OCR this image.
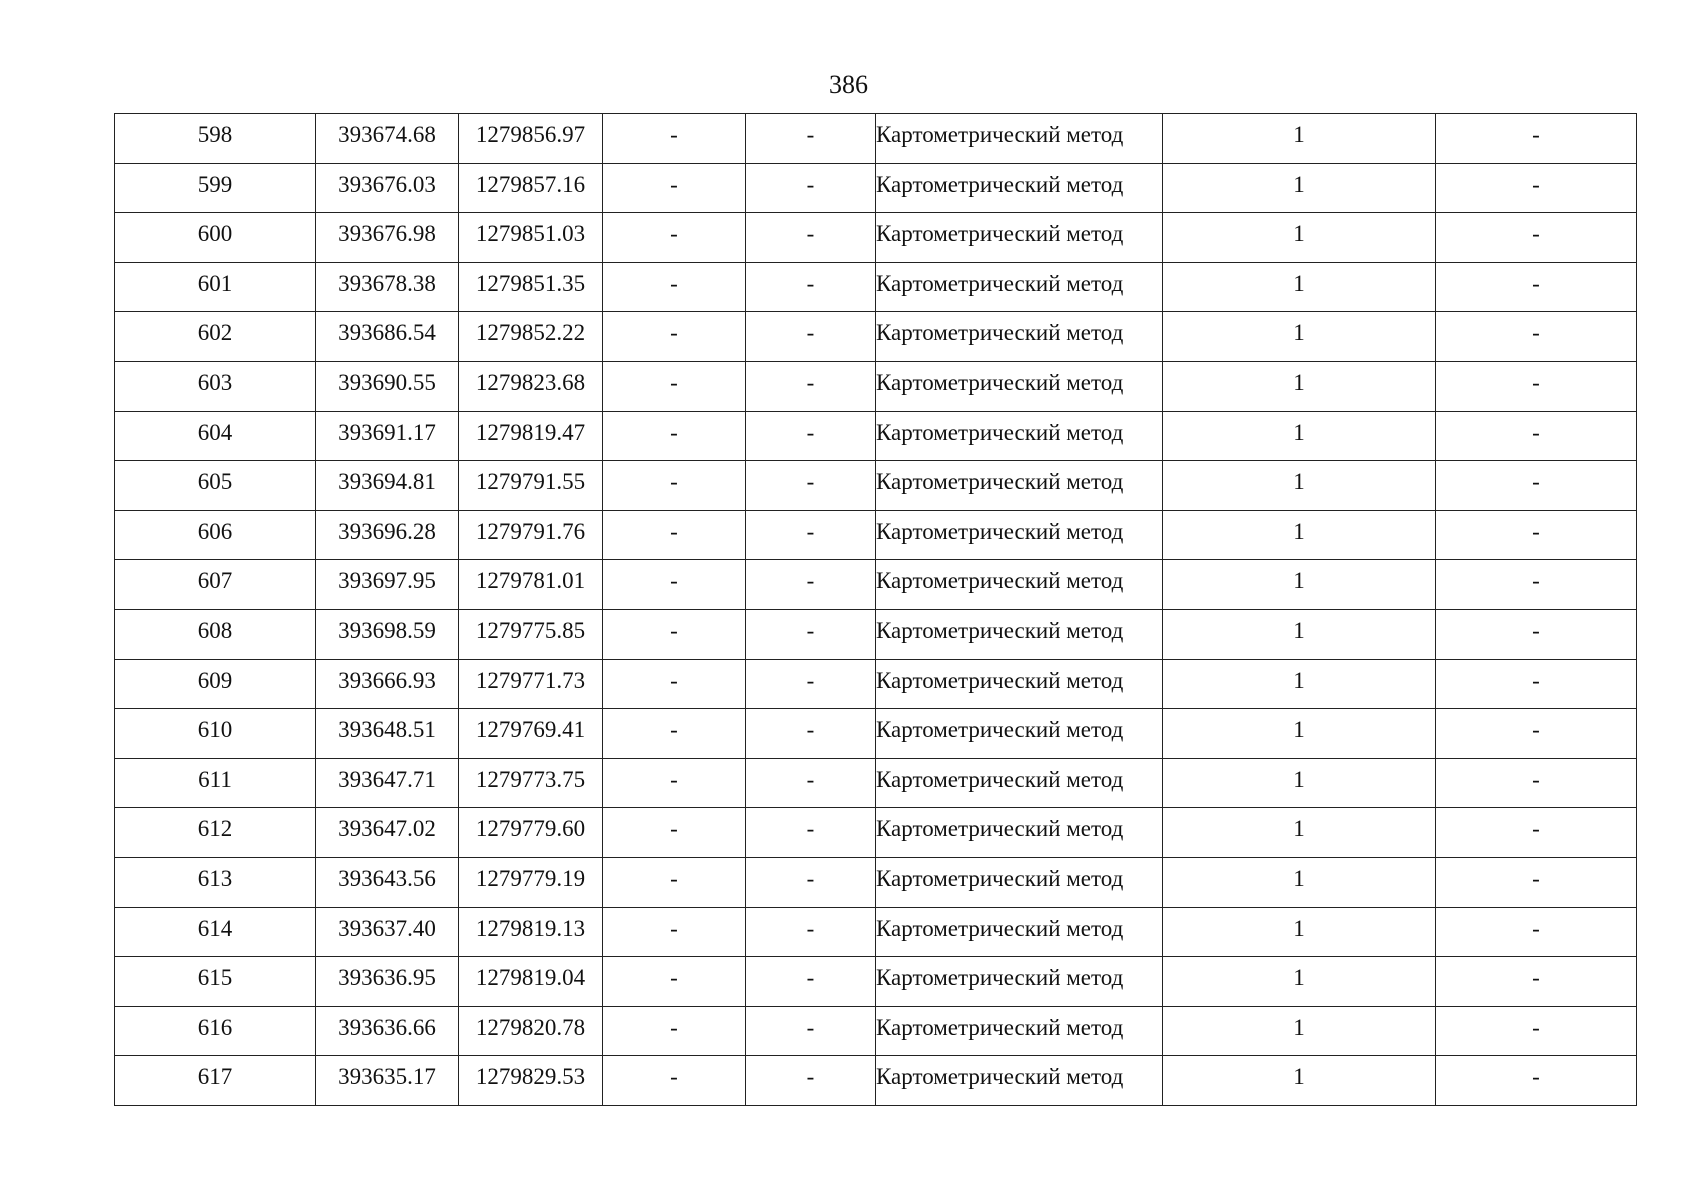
386
598	393674.68	1279856.97	-	-	Картометрический метод	1	-
599	393676.03	1279857.16	-	-	Картометрический метод	1	-
600	393676.98	1279851.03	-	-	Картометрический метод	1	-
601	393678.38	1279851.35	-	-	Картометрический метод	1	-
602	393686.54	1279852.22	-	-	Картометрический метод	1	-
603	393690.55	1279823.68	-	-	Картометрический метод	1	-
604	393691.17	1279819.47	-	-	Картометрический метод	1	-
605	393694.81	1279791.55	-	-	Картометрический метод	1	-
606	393696.28	1279791.76	-	-	Картометрический метод	1	-
607	393697.95	1279781.01	-	-	Картометрический метод	1	-
608	393698.59	1279775.85	-	-	Картометрический метод	1	-
609	393666.93	1279771.73	-	-	Картометрический метод	1	-
610	393648.51	1279769.41	-	-	Картометрический метод	1	-
611	393647.71	1279773.75	-	-	Картометрический метод	1	-
612	393647.02	1279779.60	-	-	Картометрический метод	1	-
613	393643.56	1279779.19	-	-	Картометрический метод	1	-
614	393637.40	1279819.13	-	-	Картометрический метод	1	-
615	393636.95	1279819.04	-	-	Картометрический метод	1	-
616	393636.66	1279820.78	-	-	Картометрический метод	1	-
617	393635.17	1279829.53	-	-	Картометрический метод	1	-
